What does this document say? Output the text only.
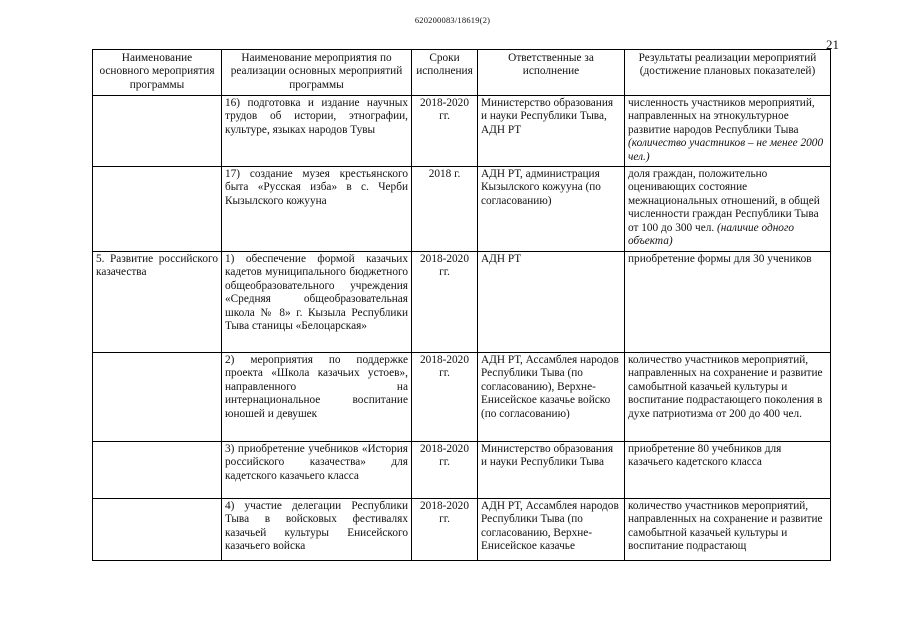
620200083/18619(2)
21
Наименование основного мероприятия программы	Наименование мероприятия по реализации основных мероприятий программы	Сроки исполнения	Ответственные за исполнение	Результаты реализации мероприятий (достижение плановых показателей)
	16) подготовка и издание научных трудов об истории, этнографии, культуре, языках народов Тувы	2018-2020 гг.	Министерство образования и науки Республики Тыва, АДН РТ	численность участников мероприятий, направленных на этнокультурное развитие народов Республики Тыва (количество участников – не менее 2000 чел.)
	17) создание музея крестьянского быта «Русская изба» в с. Черби Кызылского кожууна	2018 г.	АДН РТ, администрация Кызылского кожууна (по согласованию)	доля граждан, положительно оценивающих состояние межнациональных отношений, в общей численности граждан Республики Тыва от 100 до 300 чел. (наличие одного объекта)
5. Развитие российского казачества	1) обеспечение формой казачьих кадетов муниципального бюджетного общеобразовательного учреждения «Средняя общеобразовательная школа № 8» г. Кызыла Республики Тыва станицы «Белоцарская»	2018-2020 гг.	АДН РТ	приобретение формы для 30 учеников
	2) мероприятия по поддержке проекта «Школа казачьих устоев», направленного на интернациональное воспитание юношей и девушек	2018-2020 гг.	АДН РТ, Ассамблея народов Республики Тыва (по согласованию), Верхне-Енисейское казачье войско (по согласованию)	количество участников мероприятий, направленных на сохранение и развитие самобытной казачьей культуры и воспитание подрастающего поколения в духе патриотизма от 200 до 400 чел.
	3) приобретение учебников «История российского казачества» для кадетского казачьего класса	2018-2020 гг.	Министерство образования и науки Республики Тыва	приобретение 80 учебников для казачьего кадетского класса
	4) участие делегации Республики Тыва в войсковых фестивалях казачьей культуры Енисейского казачьего войска	2018-2020 гг.	АДН РТ, Ассамблея народов Республики Тыва (по согласованию, Верхне-Енисейское казачье	количество участников мероприятий, направленных на сохранение и развитие самобытной казачьей культуры и воспитание подрастающ
